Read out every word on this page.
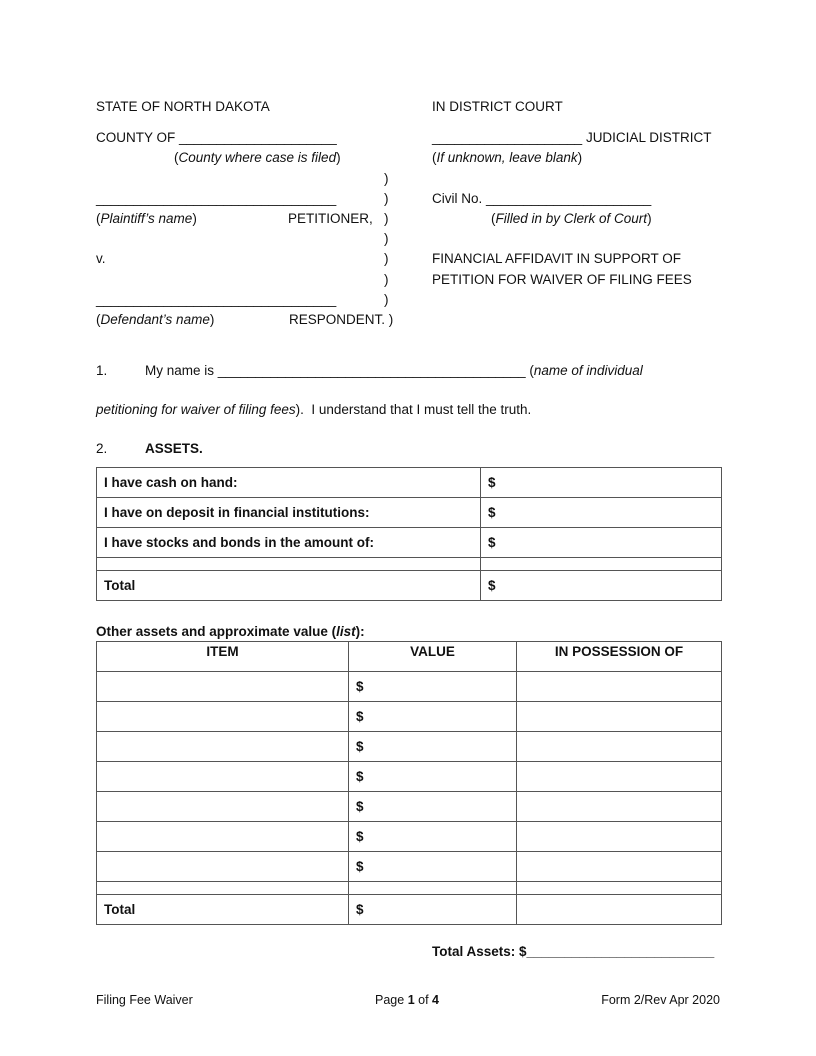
STATE OF NORTH DAKOTA	IN DISTRICT COURT
COUNTY OF _____________________
(County where case is filed)
____________________ JUDICIAL DISTRICT
(If unknown, leave blank)
)
)
)
)
)
)
)
________________________________
(Plaintiff’s name)	PETITIONER,
v.
________________________________
(Defendant’s name)	RESPONDENT. )
Civil No. ______________________
(Filled in by Clerk of Court)
FINANCIAL AFFIDAVIT IN SUPPORT OF
PETITION FOR WAIVER OF FILING FEES
1.	My name is _________________________________________ (name of individual
petitioning for waiver of filing fees). I understand that I must tell the truth.
2.	ASSETS.
I have cash on hand:	$
I have on deposit in financial institutions:	$
I have stocks and bonds in the amount of:	$

Total	$
Other assets and approximate value (list):
ITEM	VALUE	IN POSSESSION OF
	$	
	$	
	$	
	$	
	$	
	$	
	$	

Total	$	
Total Assets: $_________________________
Filing Fee Waiver	Page 1 of 4	Form 2/Rev Apr 2020
